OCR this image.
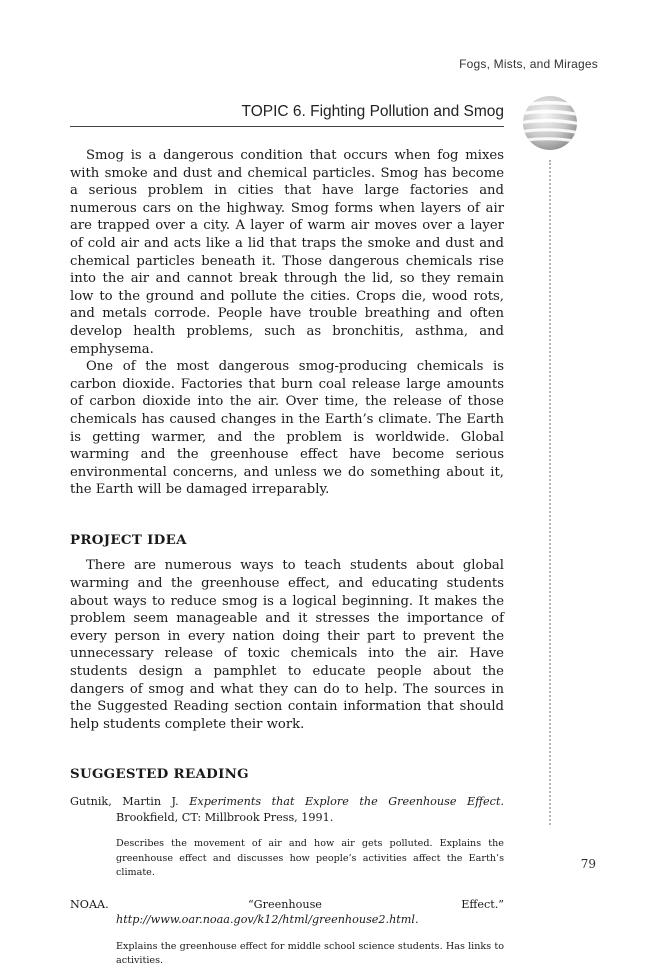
Fogs, Mists, and Mirages
TOPIC 6. Fighting Pollution and Smog

Smog is a dangerous condition that occurs when fog mixes with smoke and dust and chemical particles. Smog has become a serious problem in cities that have large factories and numerous cars on the highway. Smog forms when layers of air are trapped over a city. A layer of warm air moves over a layer of cold air and acts like a lid that traps the smoke and dust and chemical particles beneath it. Those dangerous chemicals rise into the air and cannot break through the lid, so they remain low to the ground and pollute the cities. Crops die, wood rots, and metals corrode. People have trouble breathing and often develop health problems, such as bronchitis, asthma, and emphysema.

One of the most dangerous smog-producing chemicals is carbon dioxide. Factories that burn coal release large amounts of carbon dioxide into the air. Over time, the release of those chemicals has caused changes in the Earth’s climate. The Earth is getting warmer, and the problem is worldwide. Global warming and the greenhouse effect have become serious environmental concerns, and unless we do something about it, the Earth will be damaged irreparably.

PROJECT IDEA

There are numerous ways to teach students about global warming and the greenhouse effect, and educating students about ways to reduce smog is a logical beginning. It makes the problem seem manageable and it stresses the importance of every person in every nation doing their part to prevent the unnecessary release of toxic chemicals into the air. Have students design a pamphlet to educate people about the dangers of smog and what they can do to help. The sources in the Suggested Reading section contain information that should help students complete their work.

SUGGESTED READING
Gutnik, Martin J. Experiments that Explore the Greenhouse Effect. Brookfield, CT: Millbrook Press, 1991.
Describes the movement of air and how air gets polluted. Explains the greenhouse effect and discusses how people’s activities affect the Earth’s climate.
NOAA. “Greenhouse Effect.” http://www.oar.noaa.gov/k12/html/greenhouse2.html.
Explains the greenhouse effect for middle school science students. Has links to activities.
79
